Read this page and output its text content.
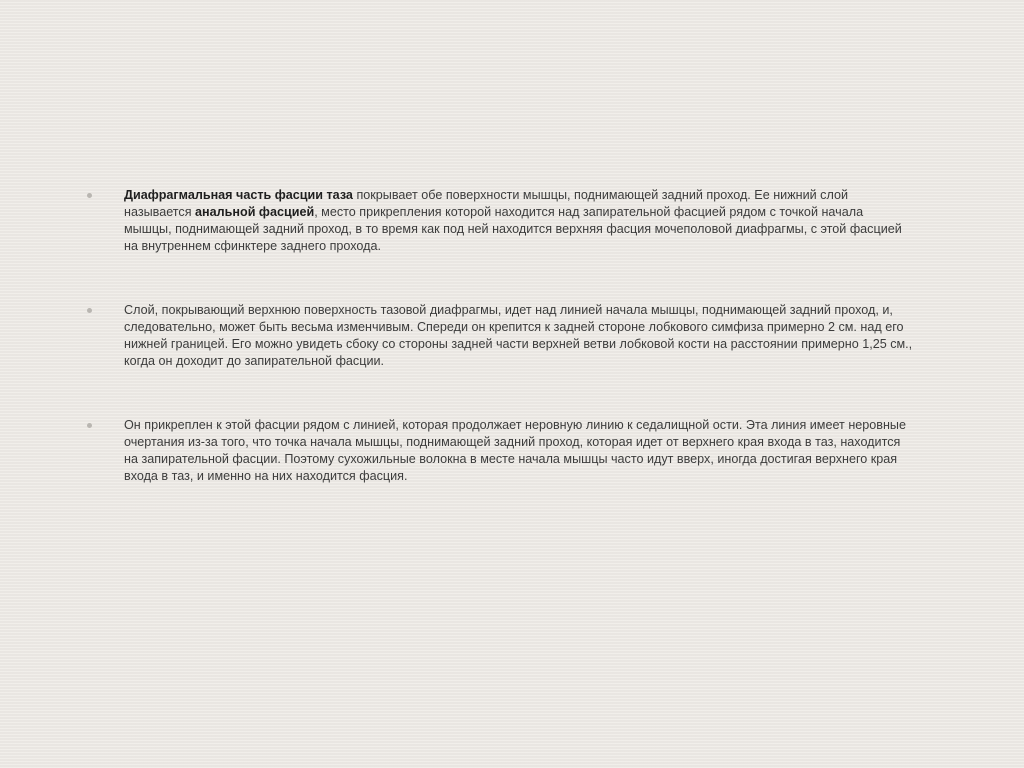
Диафрагмальная часть фасции таза покрывает обе поверхности мышцы, поднимающей задний проход. Ее нижний слой называется анальной фасцией, место прикрепления которой находится над запирательной фасцией рядом с точкой начала мышцы, поднимающей задний проход, в то время как под ней находится верхняя фасция мочеполовой диафрагмы, с этой фасцией на внутреннем сфинктере заднего прохода.
Слой, покрывающий верхнюю поверхность тазовой диафрагмы, идет над линией начала мышцы, поднимающей задний проход, и, следовательно, может быть весьма изменчивым. Спереди он крепится к задней стороне лобкового симфиза примерно 2 см. над его нижней границей. Его можно увидеть сбоку со стороны задней части верхней ветви лобковой кости на расстоянии примерно 1,25 см., когда он доходит до запирательной фасции.
Он прикреплен к этой фасции рядом с линией, которая продолжает неровную линию к седалищной ости. Эта линия имеет неровные очертания из-за того, что точка начала мышцы, поднимающей задний проход, которая идет от верхнего края входа в таз, находится на запирательной фасции. Поэтому сухожильные волокна в месте начала мышцы часто идут вверх, иногда достигая верхнего края входа в таз, и именно на них находится фасция.
